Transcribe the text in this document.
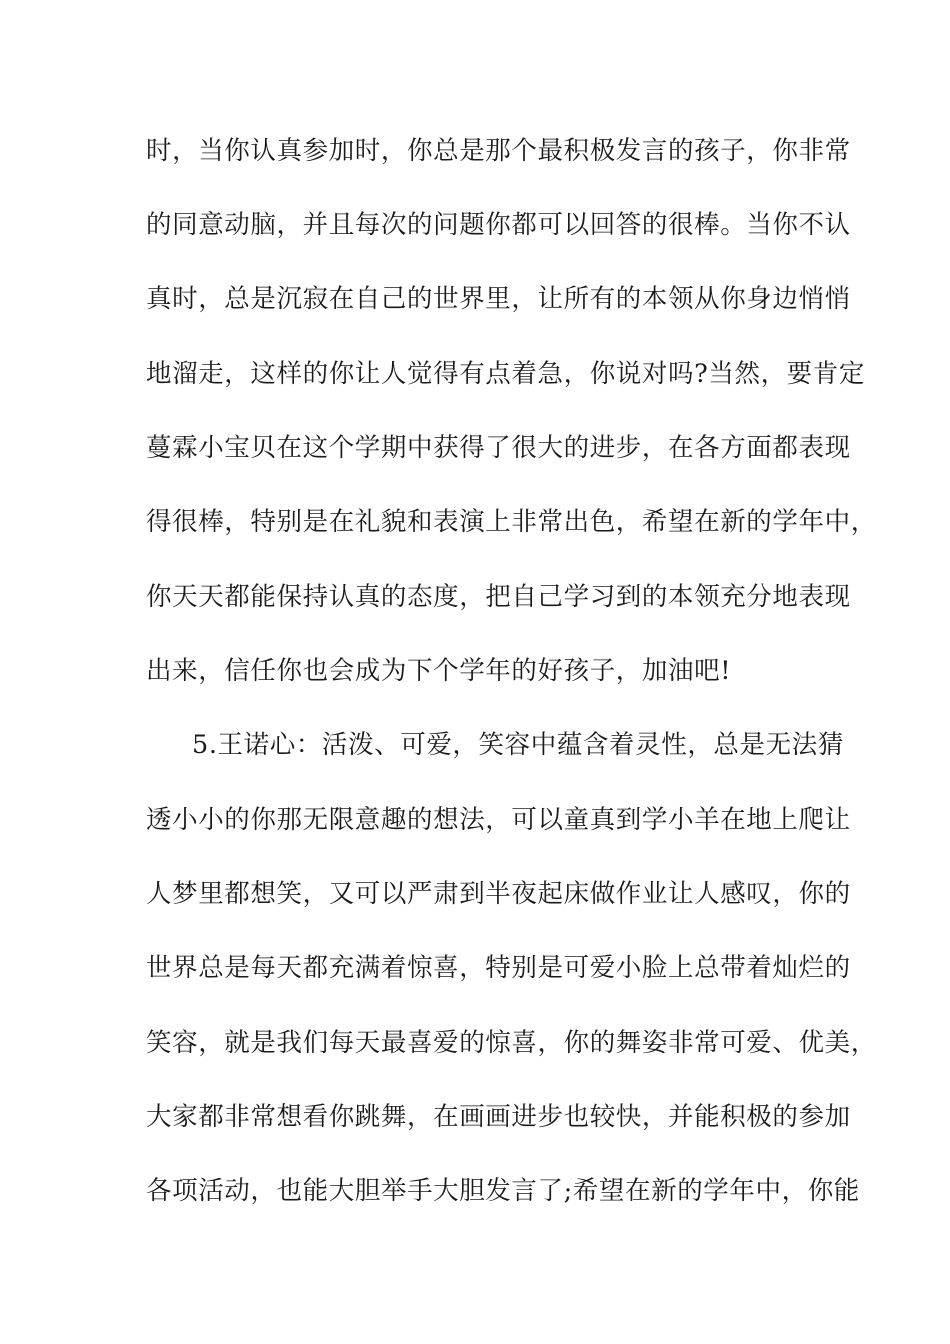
时，当你认真参加时，你总是那个最积极发言的孩子，你非常
的同意动脑，并且每次的问题你都可以回答的很棒。当你不认
真时，总是沉寂在自己的世界里，让所有的本领从你身边悄悄
地溜走，这样的你让人觉得有点着急，你说对吗?当然，要肯定
蔓霖小宝贝在这个学期中获得了很大的进步，在各方面都表现
得很棒，特别是在礼貌和表演上非常出色，希望在新的学年中，
你天天都能保持认真的态度，把自己学习到的本领充分地表现
出来，信任你也会成为下个学年的好孩子，加油吧!
5.王诺心：活泼、可爱，笑容中蕴含着灵性，总是无法猜
透小小的你那无限意趣的想法，可以童真到学小羊在地上爬让
人梦里都想笑，又可以严肃到半夜起床做作业让人感叹，你的
世界总是每天都充满着惊喜，特别是可爱小脸上总带着灿烂的
笑容，就是我们每天最喜爱的惊喜，你的舞姿非常可爱、优美，
大家都非常想看你跳舞，在画画进步也较快，并能积极的参加
各项活动，也能大胆举手大胆发言了;希望在新的学年中，你能
